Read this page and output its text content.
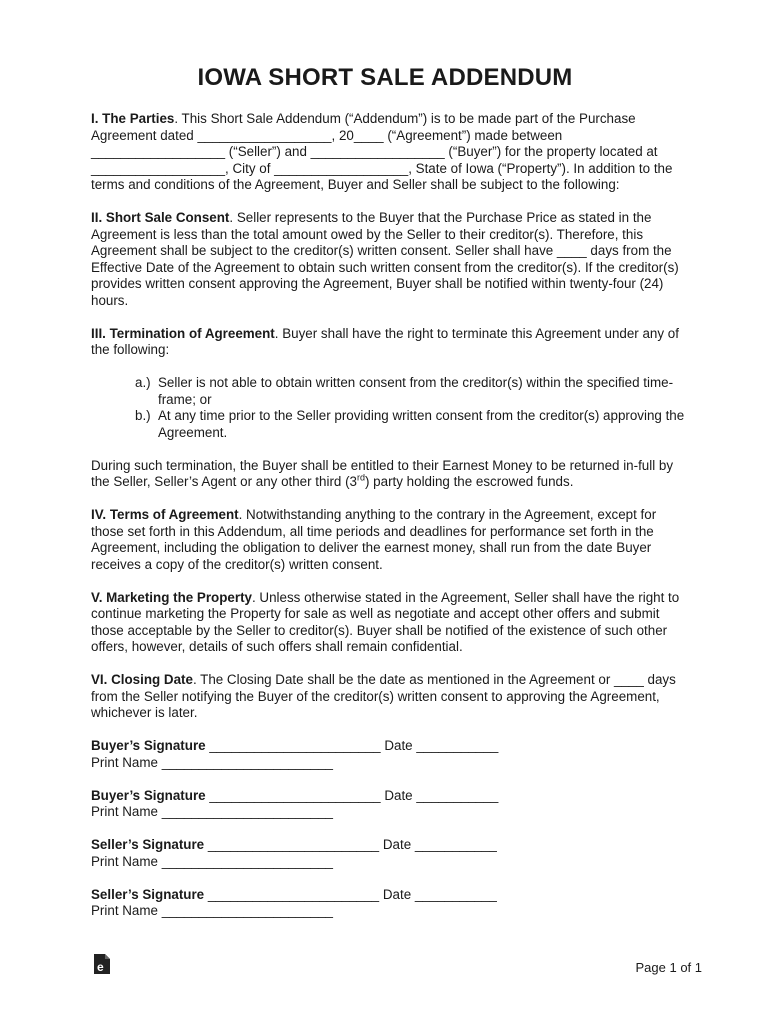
IOWA SHORT SALE ADDENDUM

I. The Parties. This Short Sale Addendum (“Addendum”) is to be made part of the Purchase Agreement dated __________________, 20____ (“Agreement”) made between __________________ (“Seller”) and __________________ (“Buyer”) for the property located at __________________, City of __________________, State of Iowa (“Property”). In addition to the terms and conditions of the Agreement, Buyer and Seller shall be subject to the following:

II. Short Sale Consent. Seller represents to the Buyer that the Purchase Price as stated in the Agreement is less than the total amount owed by the Seller to their creditor(s). Therefore, this Agreement shall be subject to the creditor(s) written consent. Seller shall have ____ days from the Effective Date of the Agreement to obtain such written consent from the creditor(s). If the creditor(s) provides written consent approving the Agreement, Buyer shall be notified within twenty-four (24) hours.

III. Termination of Agreement. Buyer shall have the right to terminate this Agreement under any of the following:

a.) Seller is not able to obtain written consent from the creditor(s) within the specified time-frame; or
b.) At any time prior to the Seller providing written consent from the creditor(s) approving the Agreement.

During such termination, the Buyer shall be entitled to their Earnest Money to be returned in-full by the Seller, Seller’s Agent or any other third (3rd) party holding the escrowed funds.

IV. Terms of Agreement. Notwithstanding anything to the contrary in the Agreement, except for those set forth in this Addendum, all time periods and deadlines for performance set forth in the Agreement, including the obligation to deliver the earnest money, shall run from the date Buyer receives a copy of the creditor(s) written consent.

V. Marketing the Property. Unless otherwise stated in the Agreement, Seller shall have the right to continue marketing the Property for sale as well as negotiate and accept other offers and submit those acceptable by the Seller to creditor(s). Buyer shall be notified of the existence of such other offers, however, details of such offers shall remain confidential.

VI. Closing Date. The Closing Date shall be the date as mentioned in the Agreement or ____ days from the Seller notifying the Buyer of the creditor(s) written consent to approving the Agreement, whichever is later.

Buyer’s Signature _______________________ Date ___________
Print Name _______________________
Buyer’s Signature _______________________ Date ___________
Print Name _______________________
Seller’s Signature _______________________ Date ___________
Print Name _______________________
Seller’s Signature _______________________ Date ___________
Print Name _______________________
e	Page 1 of 1
